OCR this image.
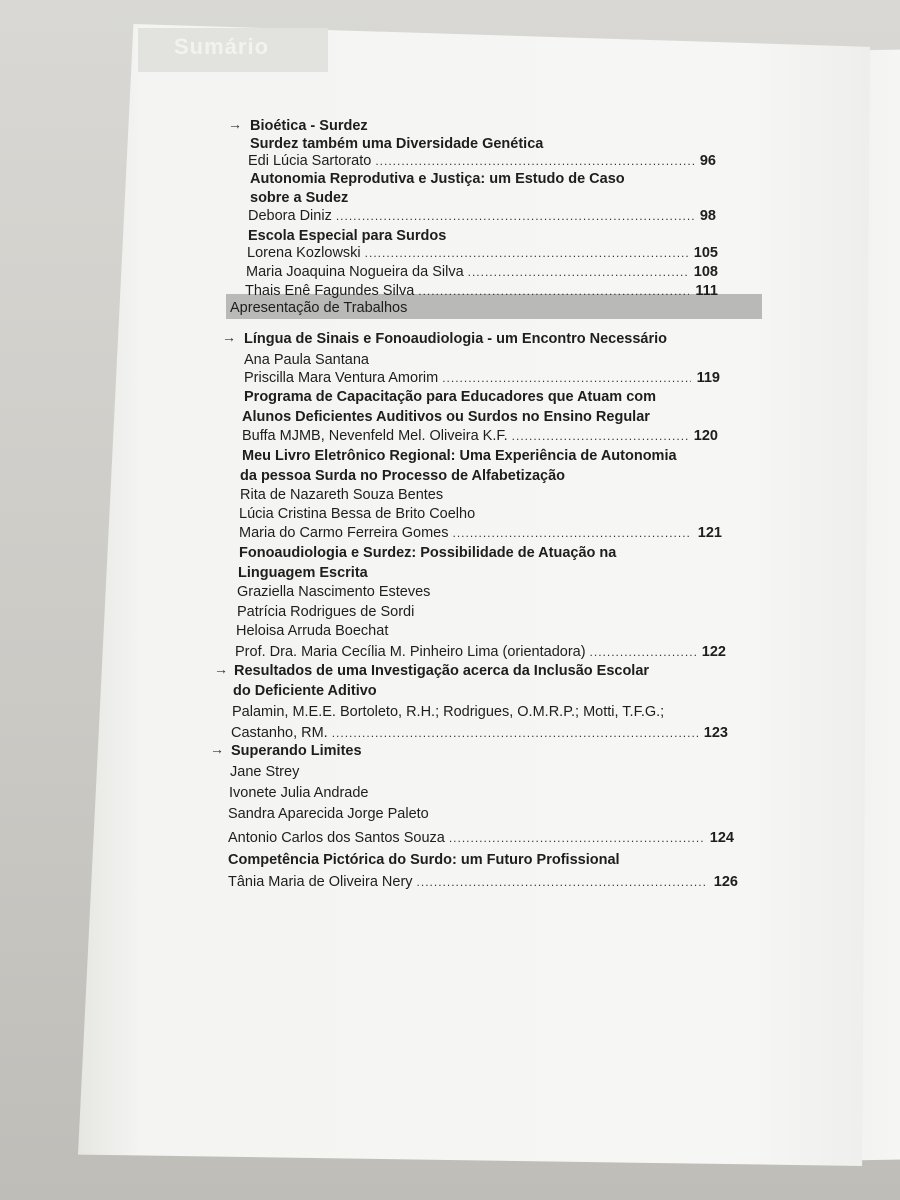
Sumário
→ Bioética - Surdez
Surdez também uma Diversidade Genética
Edi Lúcia Sartorato .....	96
Autonomia Reprodutiva e Justiça: um Estudo de Caso
sobre a Sudez
Debora Diniz .....	98
Escola Especial para Surdos
Lorena Kozlowski .....	105
Maria Joaquina Nogueira da Silva .....	108
Thais Enê Fagundes Silva .....	111
Apresentação de Trabalhos
→ Língua de Sinais e Fonoaudiologia - um Encontro Necessário
Ana Paula Santana
Priscilla Mara Ventura Amorim .....	119
Programa de Capacitação para Educadores que Atuam com
Alunos Deficientes Auditivos ou Surdos no Ensino Regular
Buffa MJMB, Nevenfeld Mel. Oliveira K.F. .....	120
Meu Livro Eletrônico Regional: Uma Experiência de Autonomia
da pessoa Surda no Processo de Alfabetização
Rita de Nazareth Souza Bentes
Lúcia Cristina Bessa de Brito Coelho
Maria do Carmo Ferreira Gomes .....	121
Fonoaudiologia e Surdez: Possibilidade de Atuação na
Linguagem Escrita
Graziella Nascimento Esteves
Patrícia Rodrigues de Sordi
Heloisa Arruda Boechat
Prof. Dra. Maria Cecília M. Pinheiro Lima (orientadora) .....	122
→ Resultados de uma Investigação acerca da Inclusão Escolar
do Deficiente Aditivo
Palamin, M.E.E. Bortoleto, R.H.; Rodrigues, O.M.R.P.; Motti, T.F.G.;
Castanho, RM. .....	123
→ Superando Limites
Jane Strey
Ivonete Julia Andrade
Sandra Aparecida Jorge Paleto
Antonio Carlos dos Santos Souza .....	124
Competência Pictórica do Surdo: um Futuro Profissional
Tânia Maria de Oliveira Nery .....	126
